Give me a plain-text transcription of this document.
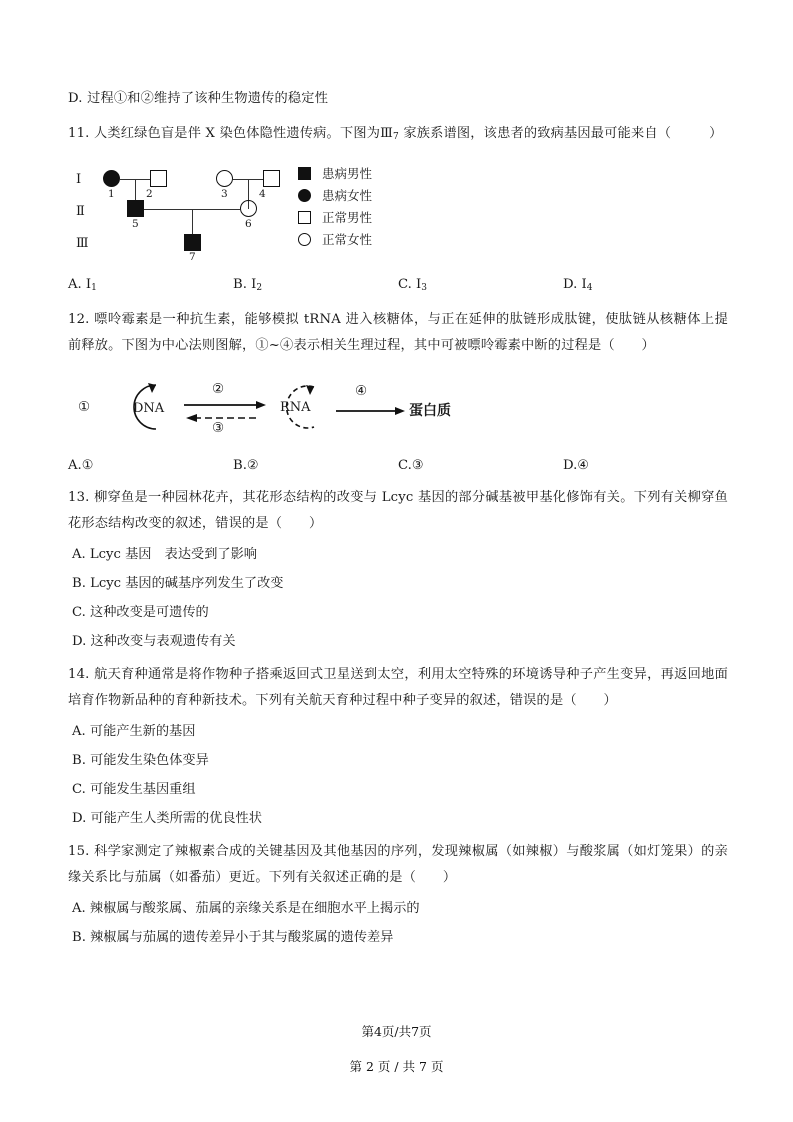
D. 过程①和②维持了该种生物遗传的稳定性
11. 人类红绿色盲是伴 X 染色体隐性遗传病。下图为$Ⅲ_7$ 家族系谱图，该患者的致病基因最可能来自（	）
Ⅰ
Ⅱ
Ⅲ
1	2	3	4
5	6
7
患病男性
患病女性
正常男性
正常女性
A. $Ⅰ_1$	B. $Ⅰ_2$	C. $Ⅰ_3$	D. $Ⅰ_4$
12. 嘌呤霉素是一种抗生素，能够模拟 tRNA 进入核糖体，与正在延伸的肽链形成肽键，使肽链从核糖体上提前释放。下图为中心法则图解，①~④表示相关生理过程，其中可被嘌呤霉素中断的过程是（　　）
①	DNA
②
③
RNA
④
蛋白质
A.①	B.②	C.③	D.④
13. 柳穿鱼是一种园林花卉，其花形态结构的改变与 Lcyc 基因的部分碱基被甲基化修饰有关。下列有关柳穿鱼花形态结构改变的叙述，错误的是（　　）
A. Lcyc 基因　表达受到了影响
B. Lcyc 基因的碱基序列发生了改变
C. 这种改变是可遗传的
D. 这种改变与表观遗传有关
14. 航天育种通常是将作物种子搭乘返回式卫星送到太空，利用太空特殊的环境诱导种子产生变异，再返回地面培育作物新品种的育种新技术。下列有关航天育种过程中种子变异的叙述，错误的是（　　）
A. 可能产生新的基因
B. 可能发生染色体变异
C. 可能发生基因重组
D. 可能产生人类所需的优良性状
15. 科学家测定了辣椒素合成的关键基因及其他基因的序列，发现辣椒属（如辣椒）与酸浆属（如灯笼果）的亲缘关系比与茄属（如番茄）更近。下列有关叙述正确的是（　　）
A. 辣椒属与酸浆属、茄属的亲缘关系是在细胞水平上揭示的
B. 辣椒属与茄属的遗传差异小于其与酸浆属的遗传差异
第4页/共7页
第 2 页 / 共 7 页
